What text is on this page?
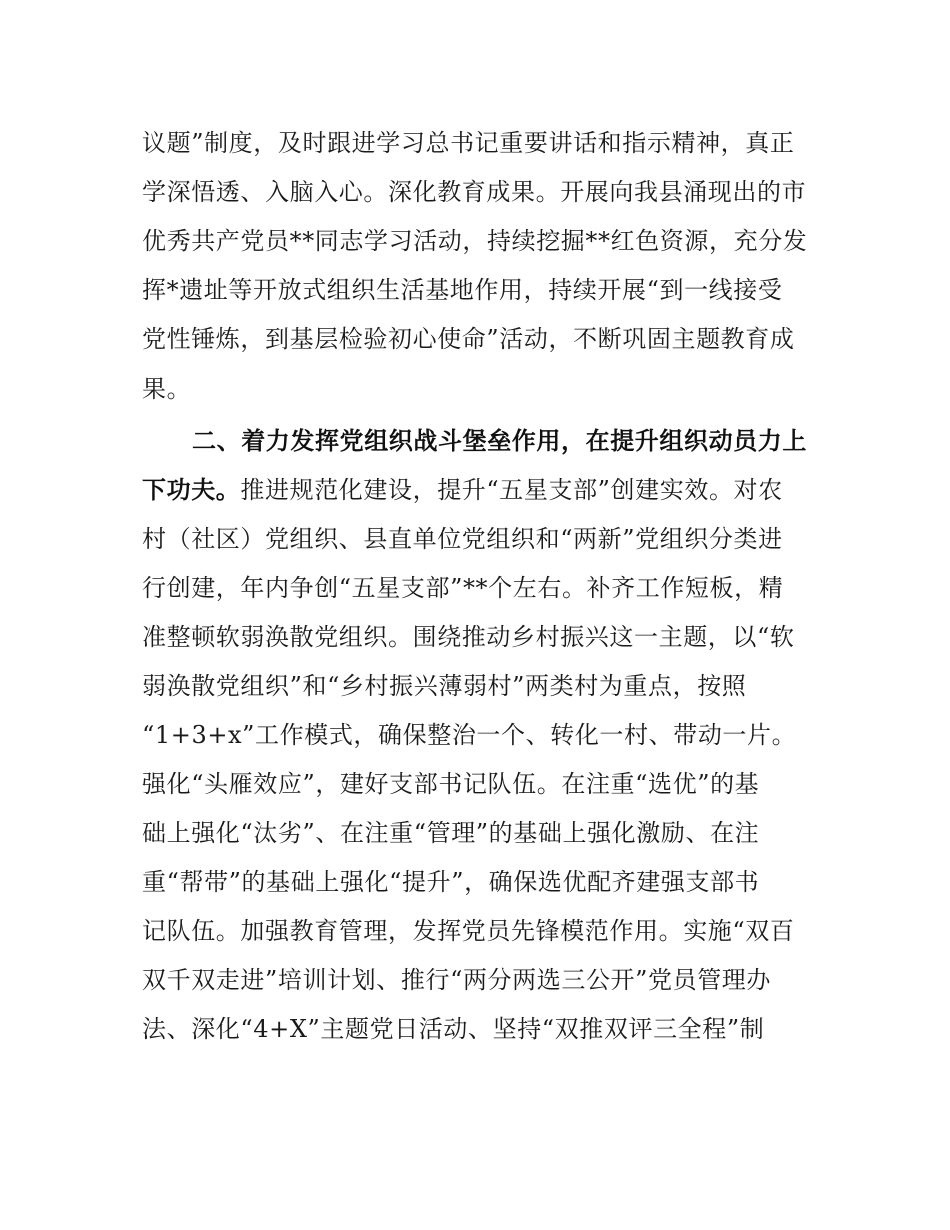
议题”制度，及时跟进学习总书记重要讲话和指示精神，真正

学深悟透、入脑入心。深化教育成果。开展向我县涌现出的市

优秀共产党员**同志学习活动，持续挖掘**红色资源，充分发

挥*遗址等开放式组织生活基地作用，持续开展“到一线接受

党性锤炼，到基层检验初心使命”活动，不断巩固主题教育成

果。

二、着力发挥党组织战斗堡垒作用，在提升组织动员力上

下功夫。推进规范化建设，提升“五星支部”创建实效。对农

村（社区）党组织、县直单位党组织和“两新”党组织分类进

行创建，年内争创“五星支部”**个左右。补齐工作短板，精

准整顿软弱涣散党组织。围绕推动乡村振兴这一主题，以“软

弱涣散党组织”和“乡村振兴薄弱村”两类村为重点，按照

“1+3+x”工作模式，确保整治一个、转化一村、带动一片。

强化“头雁效应”，建好支部书记队伍。在注重“选优”的基

础上强化“汰劣”、在注重“管理”的基础上强化激励、在注

重“帮带”的基础上强化“提升”，确保选优配齐建强支部书

记队伍。加强教育管理，发挥党员先锋模范作用。实施“双百

双千双走进”培训计划、推行“两分两选三公开”党员管理办

法、深化“4+X”主题党日活动、坚持“双推双评三全程”制
